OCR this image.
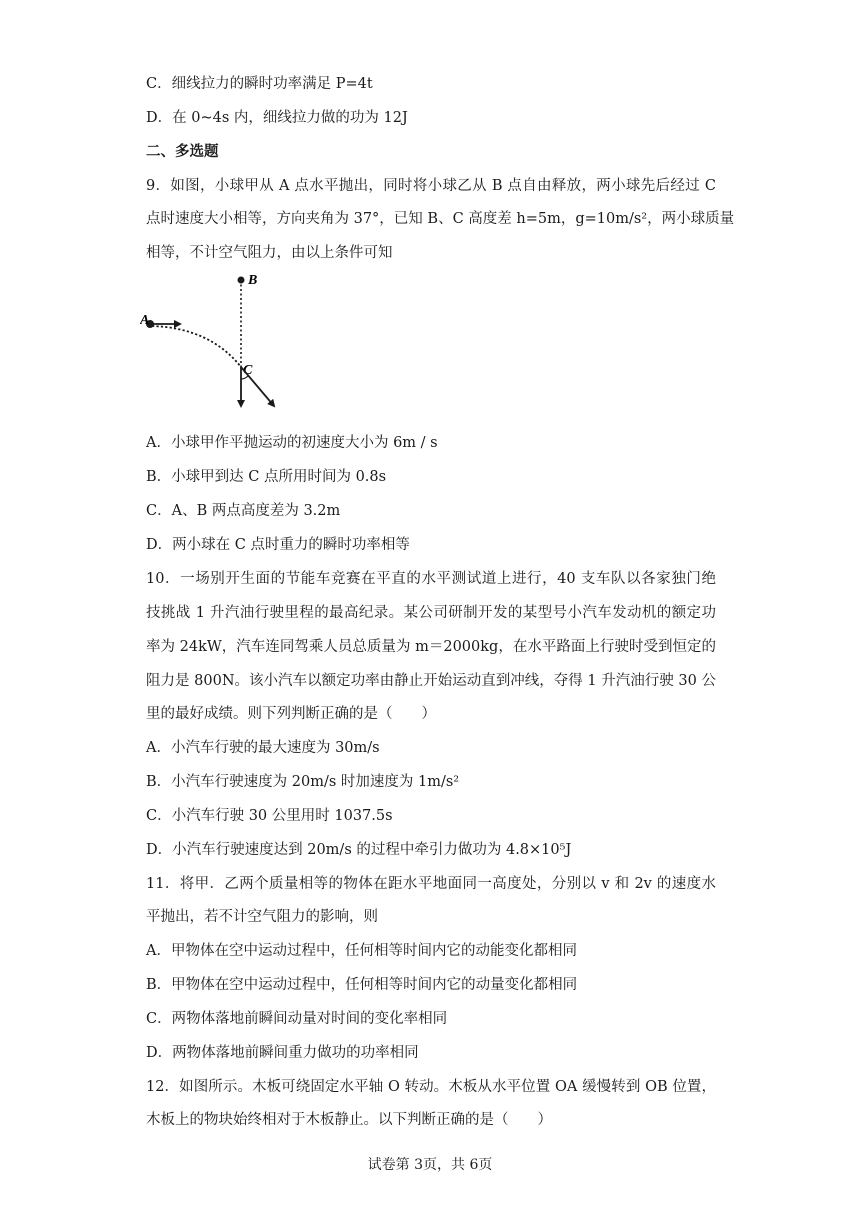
C．细线拉力的瞬时功率满足 P=4t
D．在 0~4s 内，细线拉力做的功为 12J
二、多选题
9．如图，小球甲从 A 点水平抛出，同时将小球乙从 B 点自由释放，两小球先后经过 C
点时速度大小相等，方向夹角为 37°，已知 B、C 高度差 h=5m，g=10m/s²，两小球质量
相等，不计空气阻力，由以上条件可知
B
A
C
A．小球甲作平抛运动的初速度大小为 6m / s
B．小球甲到达 C 点所用时间为 0.8s
C．A、B 两点高度差为 3.2m
D．两小球在 C 点时重力的瞬时功率相等
10．一场别开生面的节能车竞赛在平直的水平测试道上进行，40 支车队以各家独门绝
技挑战 1 升汽油行驶里程的最高纪录。某公司研制开发的某型号小汽车发动机的额定功
率为 24kW，汽车连同驾乘人员总质量为 m＝2000kg，在水平路面上行驶时受到恒定的
阻力是 800N。该小汽车以额定功率由静止开始运动直到冲线，夺得 1 升汽油行驶 30 公
里的最好成绩。则下列判断正确的是（　　）
A．小汽车行驶的最大速度为 30m/s
B．小汽车行驶速度为 20m/s 时加速度为 1m/s²
C．小汽车行驶 30 公里用时 1037.5s
D．小汽车行驶速度达到 20m/s 的过程中牵引力做功为 4.8×10⁵J
11．将甲．乙两个质量相等的物体在距水平地面同一高度处，分别以 v 和 2v 的速度水
平抛出，若不计空气阻力的影响，则
A．甲物体在空中运动过程中，任何相等时间内它的动能变化都相同
B．甲物体在空中运动过程中，任何相等时间内它的动量变化都相同
C．两物体落地前瞬间动量对时间的变化率相同
D．两物体落地前瞬间重力做功的功率相同
12．如图所示。木板可绕固定水平轴 O 转动。木板从水平位置 OA 缓慢转到 OB 位置，
木板上的物块始终相对于木板静止。以下判断正确的是（　　）
试卷第 3页，共 6页
